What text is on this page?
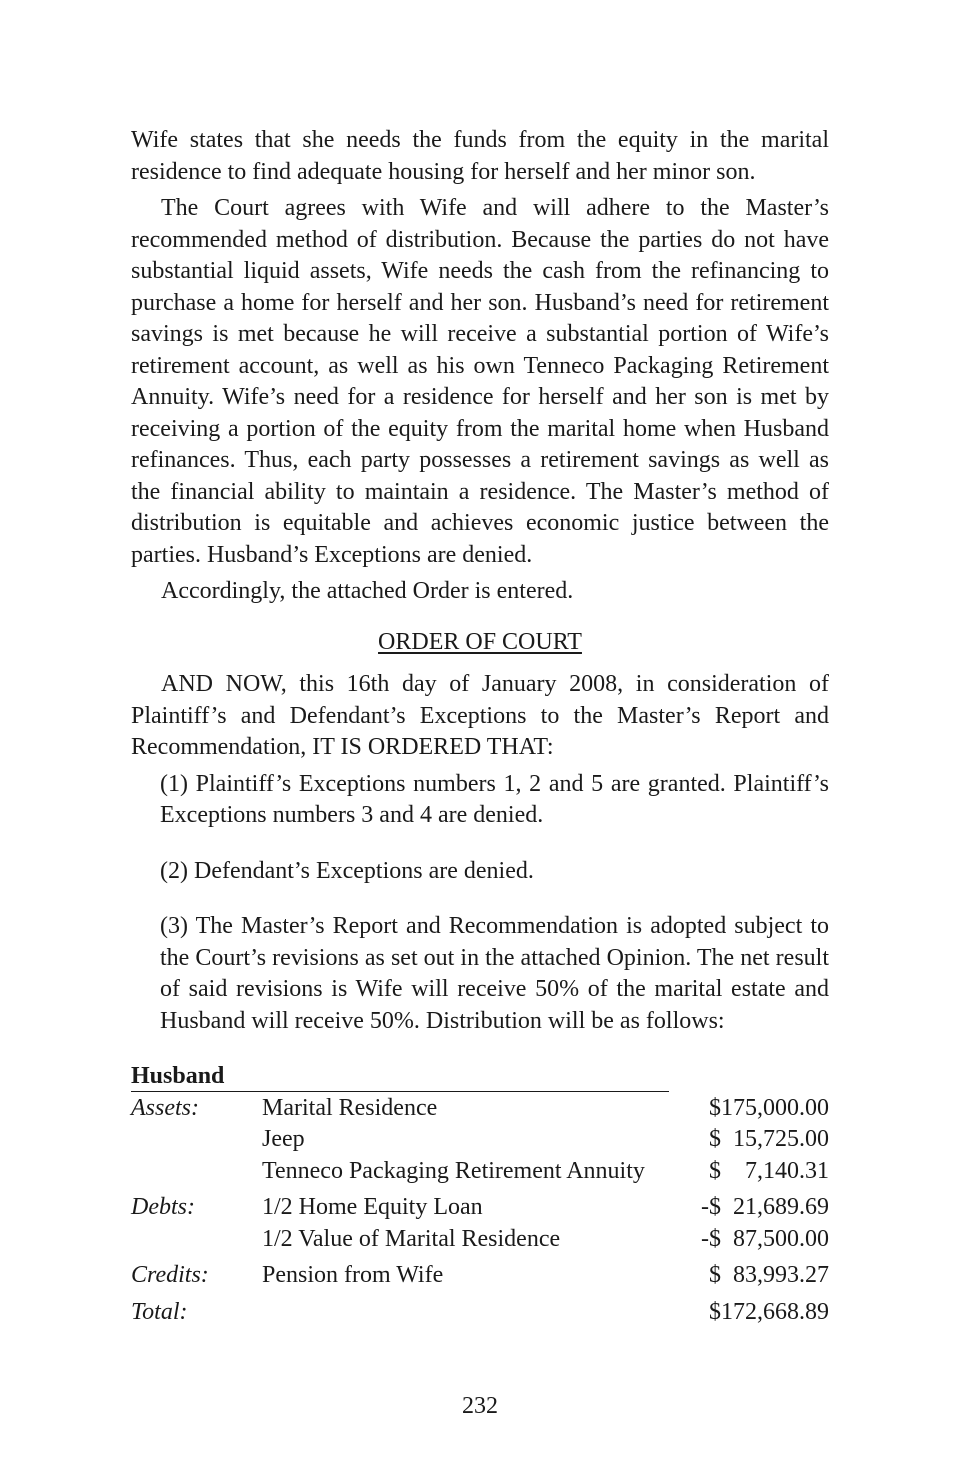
Wife states that she needs the funds from the equity in the marital residence to find adequate housing for herself and her minor son.

The Court agrees with Wife and will adhere to the Master’s recommended method of distribution. Because the parties do not have substantial liquid assets, Wife needs the cash from the refinancing to purchase a home for herself and her son. Husband’s need for retirement savings is met because he will receive a substantial portion of Wife’s retirement account, as well as his own Tenneco Packaging Retirement Annuity. Wife’s need for a residence for herself and her son is met by receiving a portion of the equity from the marital home when Husband refinances. Thus, each party possesses a retirement savings as well as the financial ability to maintain a residence. The Master’s method of distribution is equitable and achieves economic justice between the parties. Husband’s Exceptions are denied.

Accordingly, the attached Order is entered.

ORDER OF COURT

AND NOW, this 16th day of January 2008, in consideration of Plaintiff’s and Defendant’s Exceptions to the Master’s Report and Recommendation, IT IS ORDERED THAT:

(1) Plaintiff’s Exceptions numbers 1, 2 and 5 are granted. Plaintiff’s Exceptions numbers 3 and 4 are denied.

(2) Defendant’s Exceptions are denied.

(3) The Master’s Report and Recommendation is adopted subject to the Court’s revisions as set out in the attached Opinion. The net result of said revisions is Wife will receive 50% of the marital estate and Husband will receive 50%. Distribution will be as follows:

Husband
Assets:	Marital Residence	$175,000.00
	Jeep	$  15,725.00
	Tenneco Packaging Retirement Annuity	$    7,140.31
Debts:	1/2 Home Equity Loan	-$  21,689.69
	1/2 Value of Marital Residence	-$  87,500.00
Credits:	Pension from Wife	$  83,993.27
Total:		$172,668.89
232
